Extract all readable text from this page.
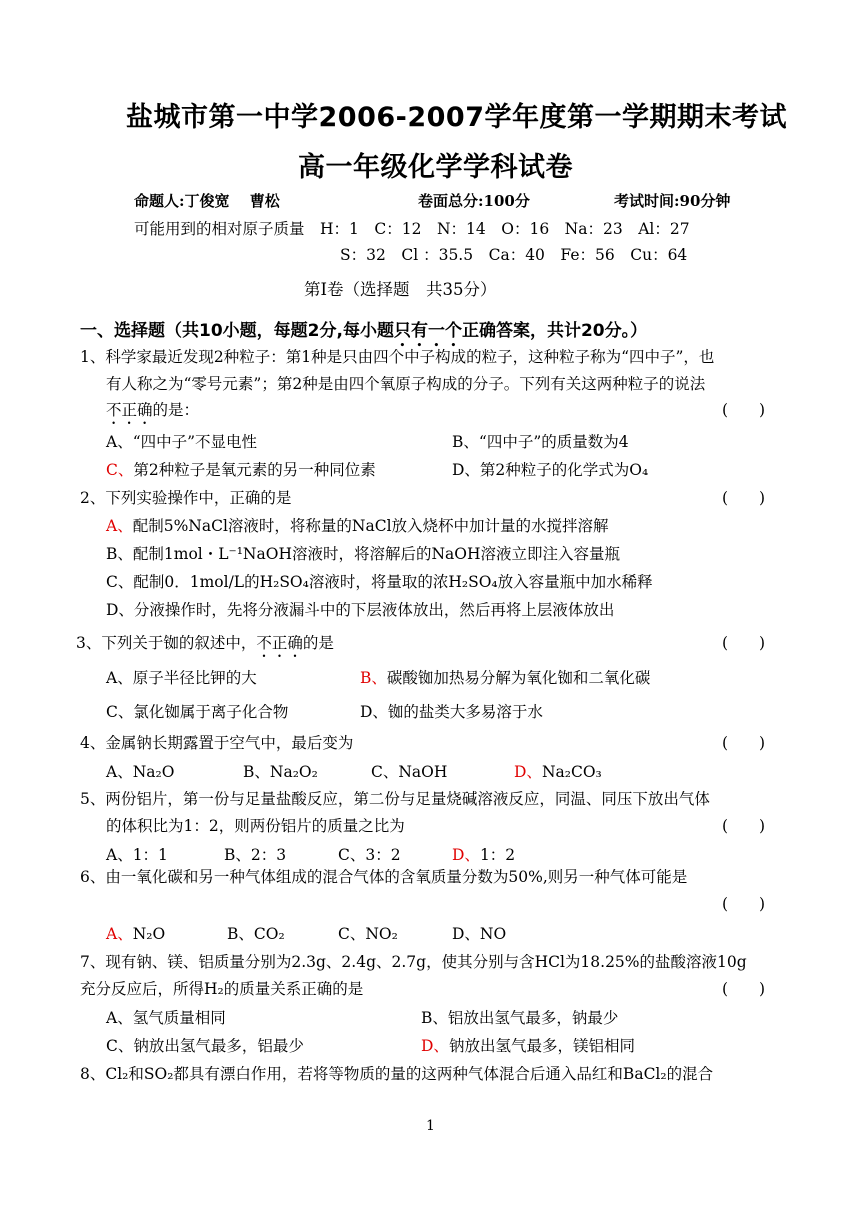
盐城市第一中学2006-2007学年度第一学期期末考试
高一年级化学学科试卷
命题人:丁俊宽　 曹松	卷面总分:100分	考试时间:90分钟
可能用到的相对原子质量　H：1　C：12　N：14　O：16　Na：23　Al：27
S：32　Cl ：35.5　Ca：40　Fe：56　Cu：64
第Ⅰ卷（选择题　共35分）
一、选择题（共10小题，每题2分,每小题只有一个正确答案，共计20分。）
1、科学家最近发现2种粒子：第1种是只由四个中子构成的粒子，这种粒子称为“四中子”，也
有人称之为“零号元素”；第2种是由四个氧原子构成的分子。下列有关这两种粒子的说法
不正确的是：	(　　)
A、“四中子”不显电性	B、“四中子”的质量数为4
C、第2种粒子是氧元素的另一种同位素	D、第2种粒子的化学式为O₄
2、下列实验操作中，正确的是	(　　)
A、配制5%NaCl溶液时，将称量的NaCl放入烧杯中加计量的水搅拌溶解
B、配制1mol・L⁻¹NaOH溶液时，将溶解后的NaOH溶液立即注入容量瓶
C、配制0．1mol/L的H₂SO₄溶液时，将量取的浓H₂SO₄放入容量瓶中加水稀释
D、分液操作时，先将分液漏斗中的下层液体放出，然后再将上层液体放出
3、下列关于铷的叙述中，不正确的是	(　　)
A、原子半径比钾的大	B、碳酸铷加热易分解为氧化铷和二氧化碳
C、氯化铷属于离子化合物	D、铷的盐类大多易溶于水
4、金属钠长期露置于空气中，最后变为	(　　)
A、Na₂O	B、Na₂O₂	C、NaOH	D、Na₂CO₃
5、两份铝片，第一份与足量盐酸反应，第二份与足量烧碱溶液反应，同温、同压下放出气体
的体积比为1：2，则两份铝片的质量之比为	(　　)
A、1：1	B、2：3	C、3：2	D、1：2
6、由一氧化碳和另一种气体组成的混合气体的含氧质量分数为50%,则另一种气体可能是
(　　)
A、N₂O	B、CO₂	C、NO₂	D、NO
7、现有钠、镁、铝质量分别为2.3g、2.4g、2.7g，使其分别与含HCl为18.25%的盐酸溶液10g
充分反应后，所得H₂的质量关系正确的是	(　　)
A、氢气质量相同	B、铝放出氢气最多，钠最少
C、钠放出氢气最多，铝最少	D、钠放出氢气最多，镁铝相同
8、Cl₂和SO₂都具有漂白作用，若将等物质的量的这两种气体混合后通入品红和BaCl₂的混合
1
